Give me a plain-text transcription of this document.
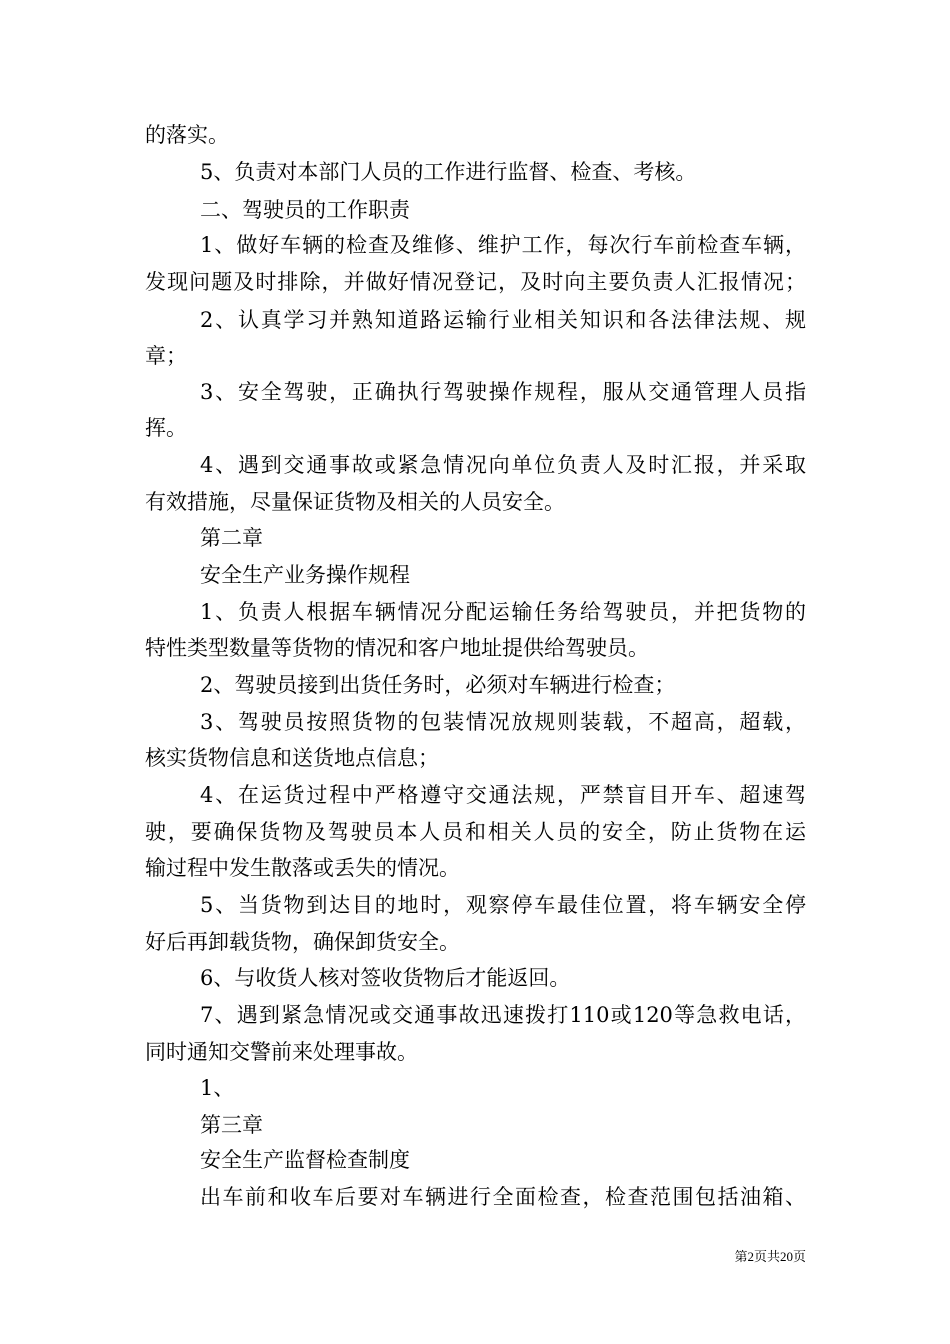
的落实。
5、负责对本部门人员的工作进行监督、检查、考核。
二、驾驶员的工作职责
1、做好车辆的检查及维修、维护工作，每次行车前检查车辆，
发现问题及时排除，并做好情况登记，及时向主要负责人汇报情况；
2、认真学习并熟知道路运输行业相关知识和各法律法规、规
章；
3、安全驾驶，正确执行驾驶操作规程，服从交通管理人员指
挥。
4、遇到交通事故或紧急情况向单位负责人及时汇报，并采取
有效措施，尽量保证货物及相关的人员安全。
第二章
安全生产业务操作规程
1、负责人根据车辆情况分配运输任务给驾驶员，并把货物的
特性类型数量等货物的情况和客户地址提供给驾驶员。
2、驾驶员接到出货任务时，必须对车辆进行检查；
3、驾驶员按照货物的包装情况放规则装载，不超高，超载，
核实货物信息和送货地点信息；
4、在运货过程中严格遵守交通法规，严禁盲目开车、超速驾
驶，要确保货物及驾驶员本人员和相关人员的安全，防止货物在运
输过程中发生散落或丢失的情况。
5、当货物到达目的地时，观察停车最佳位置，将车辆安全停
好后再卸载货物，确保卸货安全。
6、与收货人核对签收货物后才能返回。
7、遇到紧急情况或交通事故迅速拨打110或120等急救电话，
同时通知交警前来处理事故。
1、
第三章
安全生产监督检查制度
出车前和收车后要对车辆进行全面检查，检查范围包括油箱、
第2页共20页
